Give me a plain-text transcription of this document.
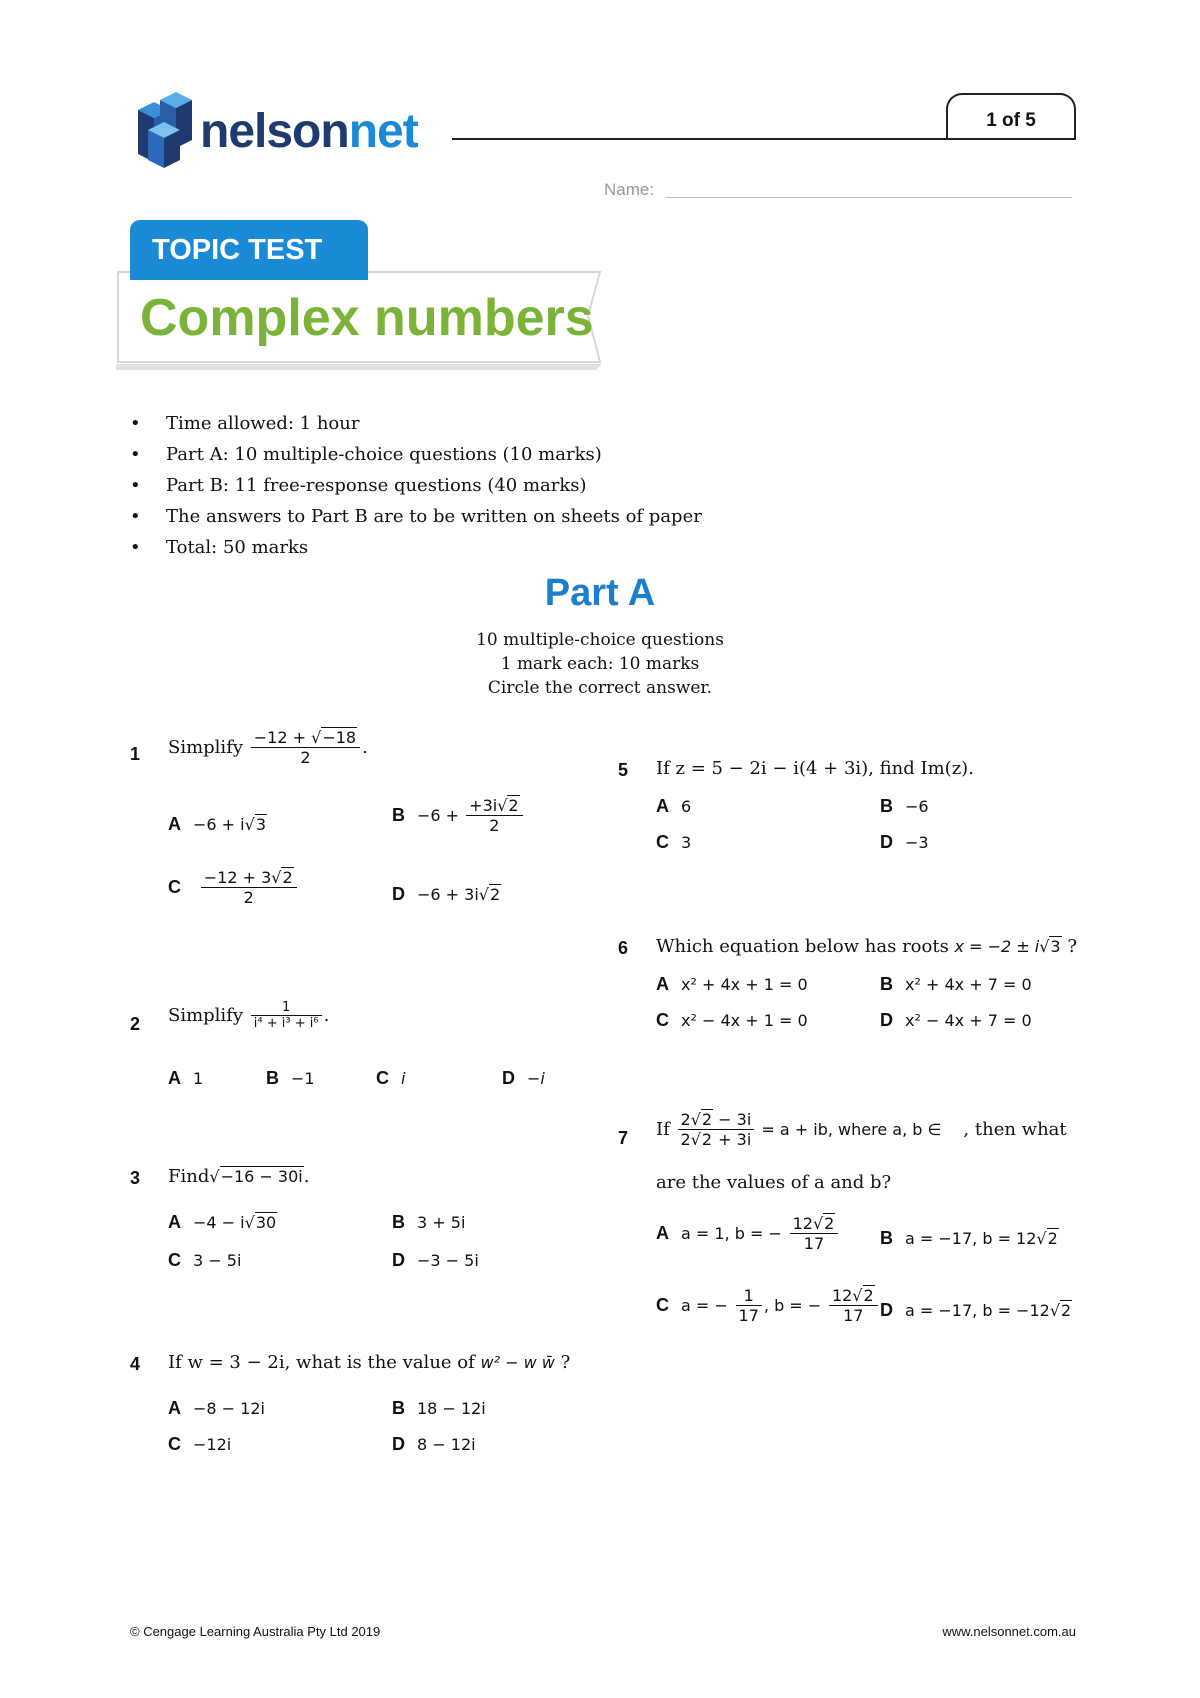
nelsonnet	1 of 5
Name:
TOPIC TEST
Complex numbers
• Time allowed: 1 hour
• Part A: 10 multiple-choice questions (10 marks)
• Part B: 11 free-response questions (40 marks)
• The answers to Part B are to be written on sheets of paper
• Total: 50 marks
Part A
10 multiple-choice questions
1 mark each: 10 marks
Circle the correct answer.
1 Simplify $\frac{-12 + √-18}{2}$ .
A −6 + i√3	$B -6 + \frac{+3i√2}{2}$
C $\frac{-12 + 3√2}{2}$	D −6 + 3i√2
2 Simplify $\frac{1}{\text{i⁴ + i³ + i⁶}}$ .
A 1	B −1	C i	D −i
3 Find√−16 − 30i.
A −4 − i√30	B 3 + 5i
C 3 − 5i	D −3 − 5i
4 If w = 3 − 2i, what is the value of w² − w w̄ ?
A −8 − 12i	B 18 − 12i
C −12i	D 8 − 12i
5 If z = 5 − 2i − i(4 + 3i), find Im(z).
A 6	B −6
C 3	D −3
6 Which equation below has roots x = −2 ± i√3 ?
A x² + 4x + 1 = 0	B x² + 4x + 7 = 0
C x² − 4x + 1 = 0	D x² − 4x + 7 = 0
7 If $\frac{2√2 - 3i}{2√2 + 3i} = a$ + ib, where a, b ∈ , then what
are the values of a and b?
A a = 1, b = − $\frac{12√2}{17}$ B a = −17, b = 12√2
C a = − $\frac{1}{17}$ , b = − $\frac{12√2}{17}$ D a = −17, b = −12√2
© Cengage Learning Australia Pty Ltd 2019	www.nelsonnet.com.au
